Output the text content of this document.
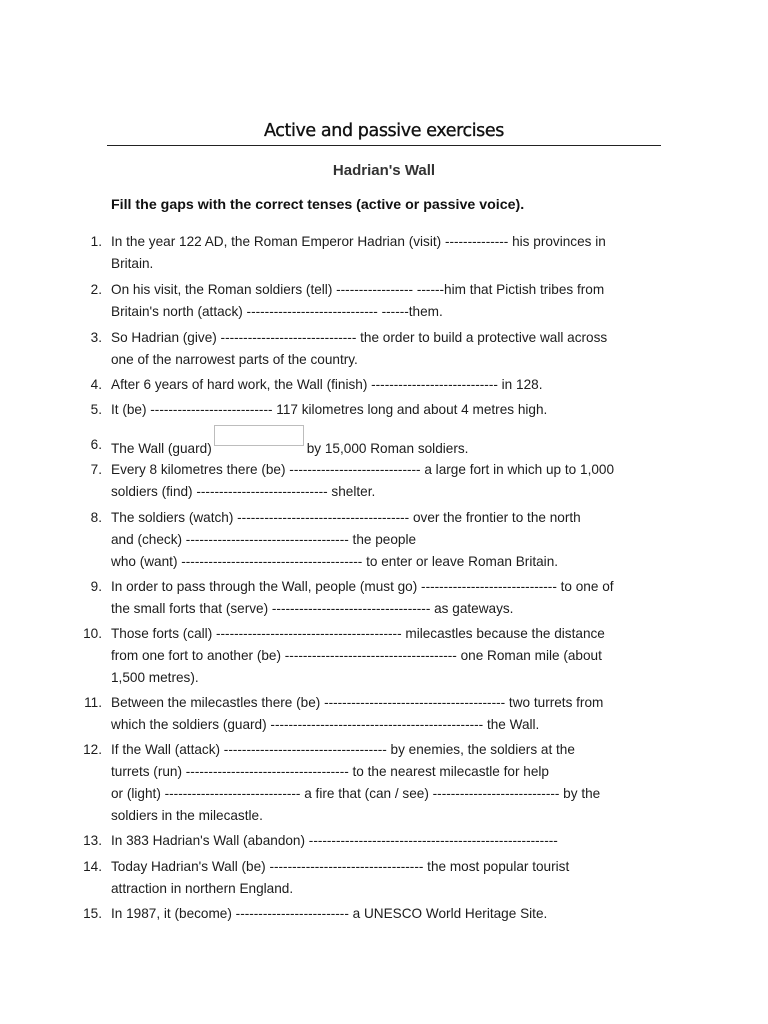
Active and passive exercises
Hadrian's Wall
Fill the gaps with the correct tenses (active or passive voice).
1. In the year 122 AD, the Roman Emperor Hadrian (visit) -------------- his provinces in
Britain.
2. On his visit, the Roman soldiers (tell) ----------------- ------him that Pictish tribes from
Britain's north (attack) ----------------------------- ------them.
3. So Hadrian (give) ------------------------------ the order to build a protective wall across
one of the narrowest parts of the country.
4. After 6 years of hard work, the Wall (finish) ---------------------------- in 128.
5. It (be) --------------------------- 117 kilometres long and about 4 metres high.
6. The Wall (guard)	by 15,000 Roman soldiers.
7. Every 8 kilometres there (be) ----------------------------- a large fort in which up to 1,000
soldiers (find) ----------------------------- shelter.
8. The soldiers (watch) -------------------------------------- over the frontier to the north
and (check) ------------------------------------ the people
who (want) ---------------------------------------- to enter or leave Roman Britain.
9. In order to pass through the Wall, people (must go) ------------------------------ to one of
the small forts that (serve) ----------------------------------- as gateways.
10. Those forts (call) ----------------------------------------- milecastles because the distance
from one fort to another (be) -------------------------------------- one Roman mile (about
1,500 metres).
11. Between the milecastles there (be) ---------------------------------------- two turrets from
which the soldiers (guard) ----------------------------------------------- the Wall.
12. If the Wall (attack) ------------------------------------ by enemies, the soldiers at the
turrets (run) ------------------------------------ to the nearest milecastle for help
or (light) ------------------------------ a fire that (can / see) ---------------------------- by the
soldiers in the milecastle.
13. In 383 Hadrian's Wall (abandon) -------------------------------------------------------
14. Today Hadrian's Wall (be) ---------------------------------- the most popular tourist
attraction in northern England.
15. In 1987, it (become) ------------------------- a UNESCO World Heritage Site.
